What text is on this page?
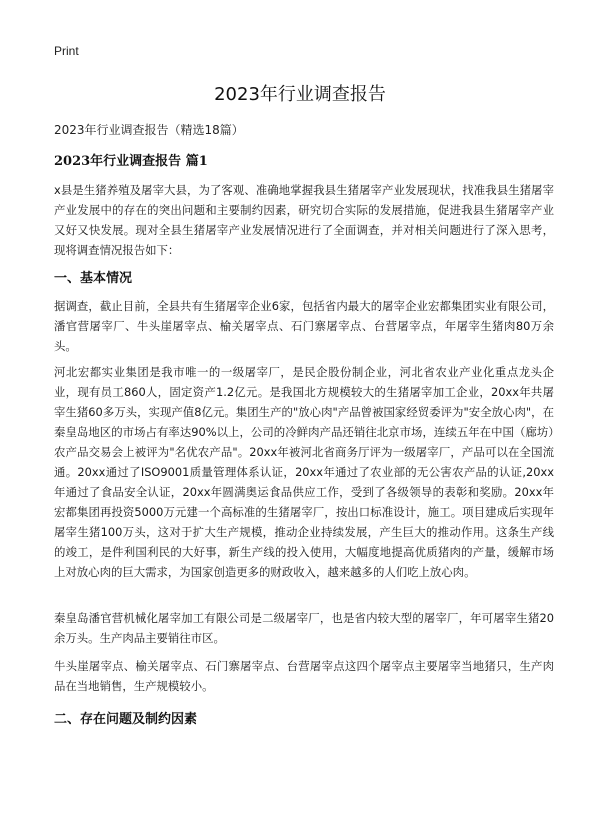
Print
2023年行业调查报告
2023年行业调查报告（精选18篇）
2023年行业调查报告 篇1
x县是生猪养殖及屠宰大县，为了客观、准确地掌握我县生猪屠宰产业发展现状，找准我县生猪屠宰产业发展中的存在的突出问题和主要制约因素，研究切合实际的发展措施，促进我县生猪屠宰产业又好又快发展。现对全县生猪屠宰产业发展情况进行了全面调查，并对相关问题进行了深入思考，现将调查情况报告如下：
一、基本情况
据调查，截止目前，全县共有生猪屠宰企业6家，包括省内最大的屠宰企业宏都集团实业有限公司，潘官营屠宰厂、牛头崖屠宰点、榆关屠宰点、石门寨屠宰点、台营屠宰点，年屠宰生猪肉80万余头。
河北宏都实业集团是我市唯一的一级屠宰厂，是民企股份制企业，河北省农业产业化重点龙头企业，现有员工860人，固定资产1.2亿元。是我国北方规模较大的生猪屠宰加工企业，20xx年共屠宰生猪60多万头，实现产值8亿元。集团生产的"放心肉"产品曾被国家经贸委评为"安全放心肉"，在秦皇岛地区的市场占有率达90%以上，公司的冷鲜肉产品还销往北京市场，连续五年在中国（廊坊）农产品交易会上被评为"名优农产品"。20xx年被河北省商务厅评为一级屠宰厂，产品可以在全国流通。20xx通过了ISO9001质量管理体系认证，20xx年通过了农业部的无公害农产品的认证,20xx年通过了食品安全认证，20xx年圆满奥运食品供应工作，受到了各级领导的表彰和奖励。20xx年宏都集团再投资5000万元建一个高标准的生猪屠宰厂，按出口标准设计，施工。项目建成后实现年屠宰生猪100万头，这对于扩大生产规模，推动企业持续发展，产生巨大的推动作用。这条生产线的竣工，是件利国利民的大好事，新生产线的投入使用，大幅度地提高优质猪肉的产量，缓解市场上对放心肉的巨大需求，为国家创造更多的财政收入，越来越多的人们吃上放心肉。
秦皇岛潘官营机械化屠宰加工有限公司是二级屠宰厂，也是省内较大型的屠宰厂，年可屠宰生猪20余万头。生产肉品主要销往市区。
牛头崖屠宰点、榆关屠宰点、石门寨屠宰点、台营屠宰点这四个屠宰点主要屠宰当地猪只，生产肉品在当地销售，生产规模较小。
二、存在问题及制约因素
